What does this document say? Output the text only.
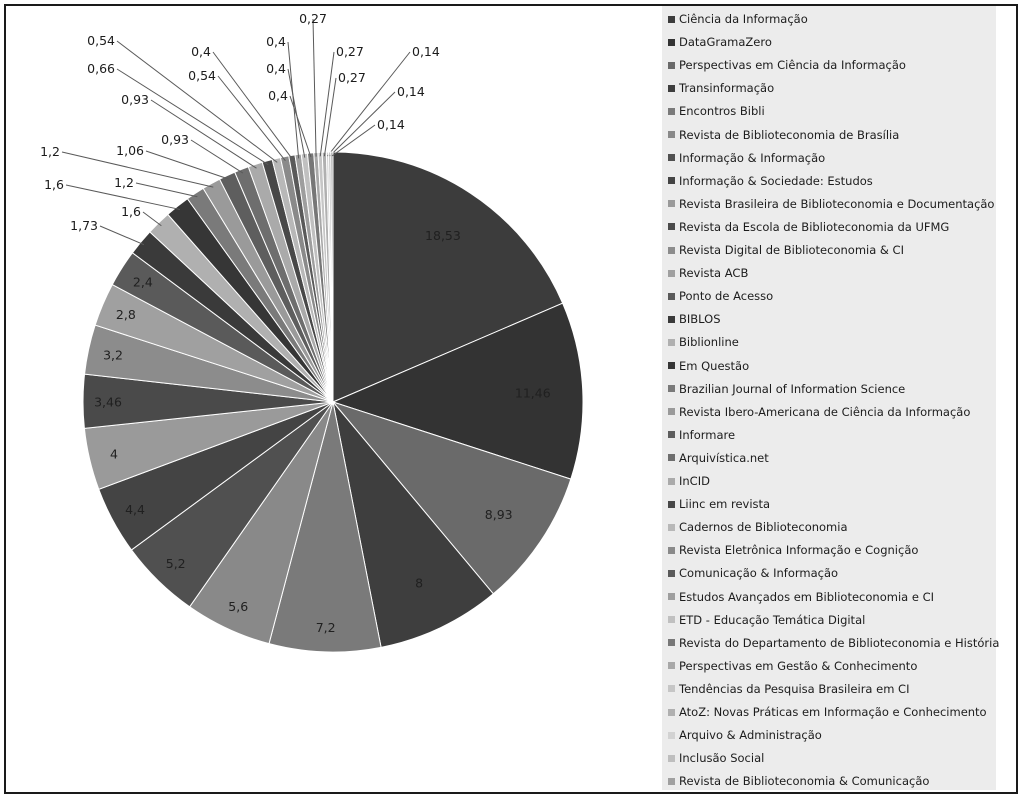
18,53
11,46
8,93
8
7,2
5,6
5,2
4,4
4
3,46
3,2
2,8
2,4
1,73
1,6
1,6	1,2
1,2	1,06
0,93
0,93
0,66
0,54
0,54
0,4
0,4
0,4
0,4
0,27
0,27
0,27
0,14
0,14
0,14
Ciência da Informação
DataGramaZero
Perspectivas em Ciência da Informação
Transinformação
Encontros Bibli
Revista de Biblioteconomia de Brasília
Informação & Informação
Informação & Sociedade: Estudos
Revista Brasileira de Biblioteconomia e Documentação
Revista da Escola de Biblioteconomia da UFMG
Revista Digital de Biblioteconomia & CI
Revista ACB
Ponto de Acesso
BIBLOS
Biblionline
Em Questão
Brazilian Journal of Information Science
Revista Ibero-Americana de Ciência da Informação
Informare
Arquivística.net
InCID
Liinc em revista
Cadernos de Biblioteconomia
Revista Eletrônica Informação e Cognição
Comunicação & Informação
Estudos Avançados em Biblioteconomia e CI
ETD - Educação Temática Digital
Revista do Departamento de Biblioteconomia e História
Perspectivas em Gestão & Conhecimento
Tendências da Pesquisa Brasileira em CI
AtoZ: Novas Práticas em Informação e Conhecimento
Arquivo & Administração
Inclusão Social
Revista de Biblioteconomia & Comunicação
